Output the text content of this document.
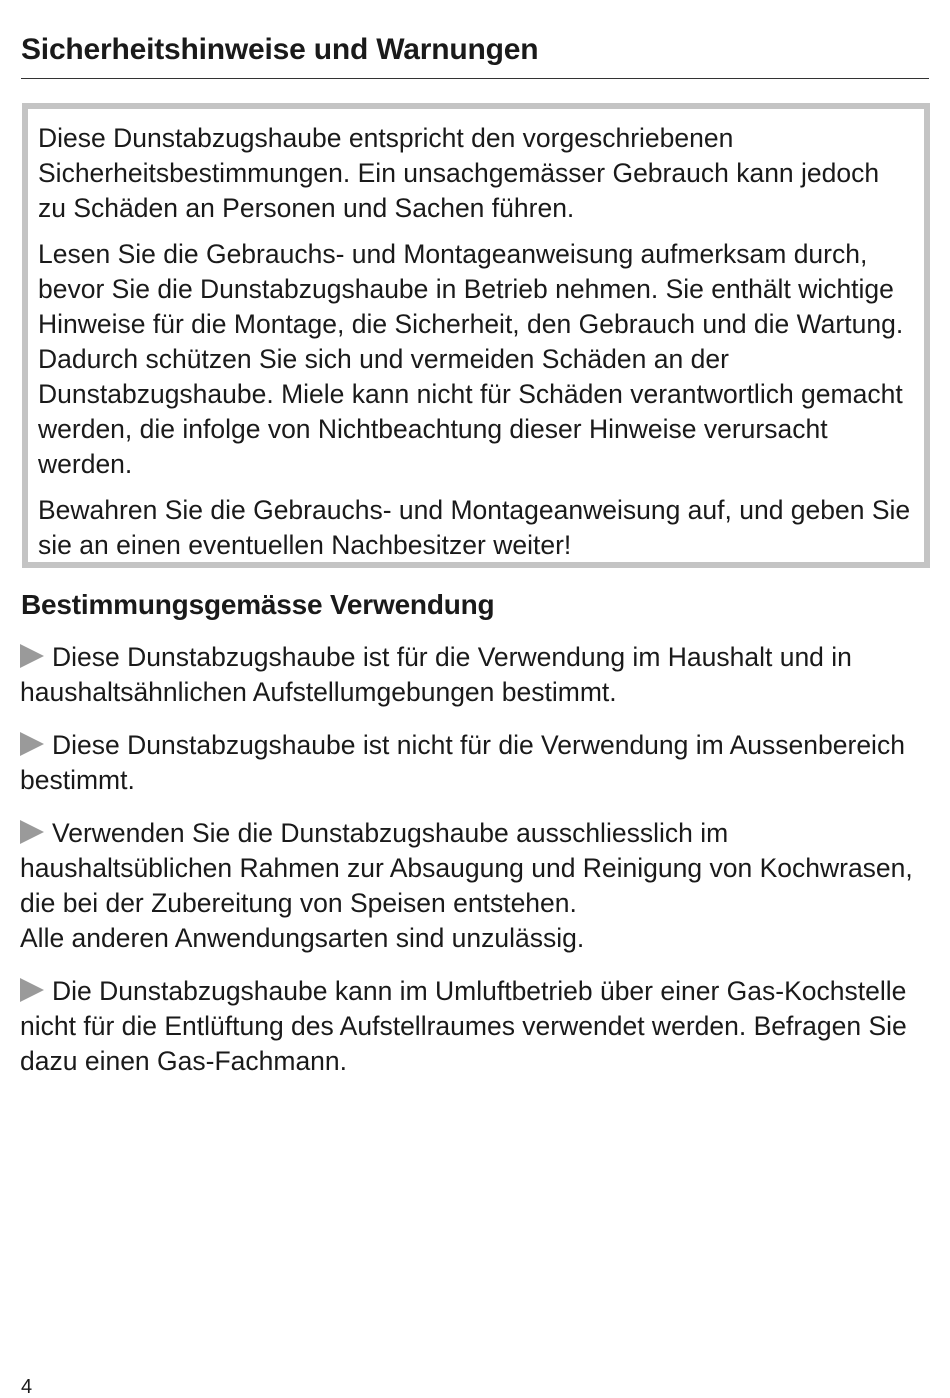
Sicherheitshinweise und Warnungen

Diese Dunstabzugshaube entspricht den vorgeschriebenen Sicherheitsbestimmungen. Ein unsachgemässer Gebrauch kann jedoch zu Schäden an Personen und Sachen führen.

Lesen Sie die Gebrauchs- und Montageanweisung aufmerksam durch, bevor Sie die Dunstabzugshaube in Betrieb nehmen. Sie enthält wichtige Hinweise für die Montage, die Sicherheit, den Gebrauch und die Wartung. Dadurch schützen Sie sich und vermeiden Schäden an der Dunstabzugshaube. Miele kann nicht für Schäden verantwortlich gemacht werden, die infolge von Nichtbeachtung dieser Hinweise verursacht werden.

Bewahren Sie die Gebrauchs- und Montageanweisung auf, und geben Sie sie an einen eventuellen Nachbesitzer weiter!

Bestimmungsgemässe Verwendung
Diese Dunstabzugshaube ist für die Verwendung im Haushalt und in haushaltsähnlichen Aufstellumgebungen bestimmt.
Diese Dunstabzugshaube ist nicht für die Verwendung im Aussenbereich bestimmt.
Verwenden Sie die Dunstabzugshaube ausschliesslich im haushaltsüblichen Rahmen zur Absaugung und Reinigung von Kochwrasen, die bei der Zubereitung von Speisen entstehen.
Alle anderen Anwendungsarten sind unzulässig.
Die Dunstabzugshaube kann im Umluftbetrieb über einer Gas-Kochstelle nicht für die Entlüftung des Aufstellraumes verwendet werden. Befragen Sie dazu einen Gas-Fachmann.
4
